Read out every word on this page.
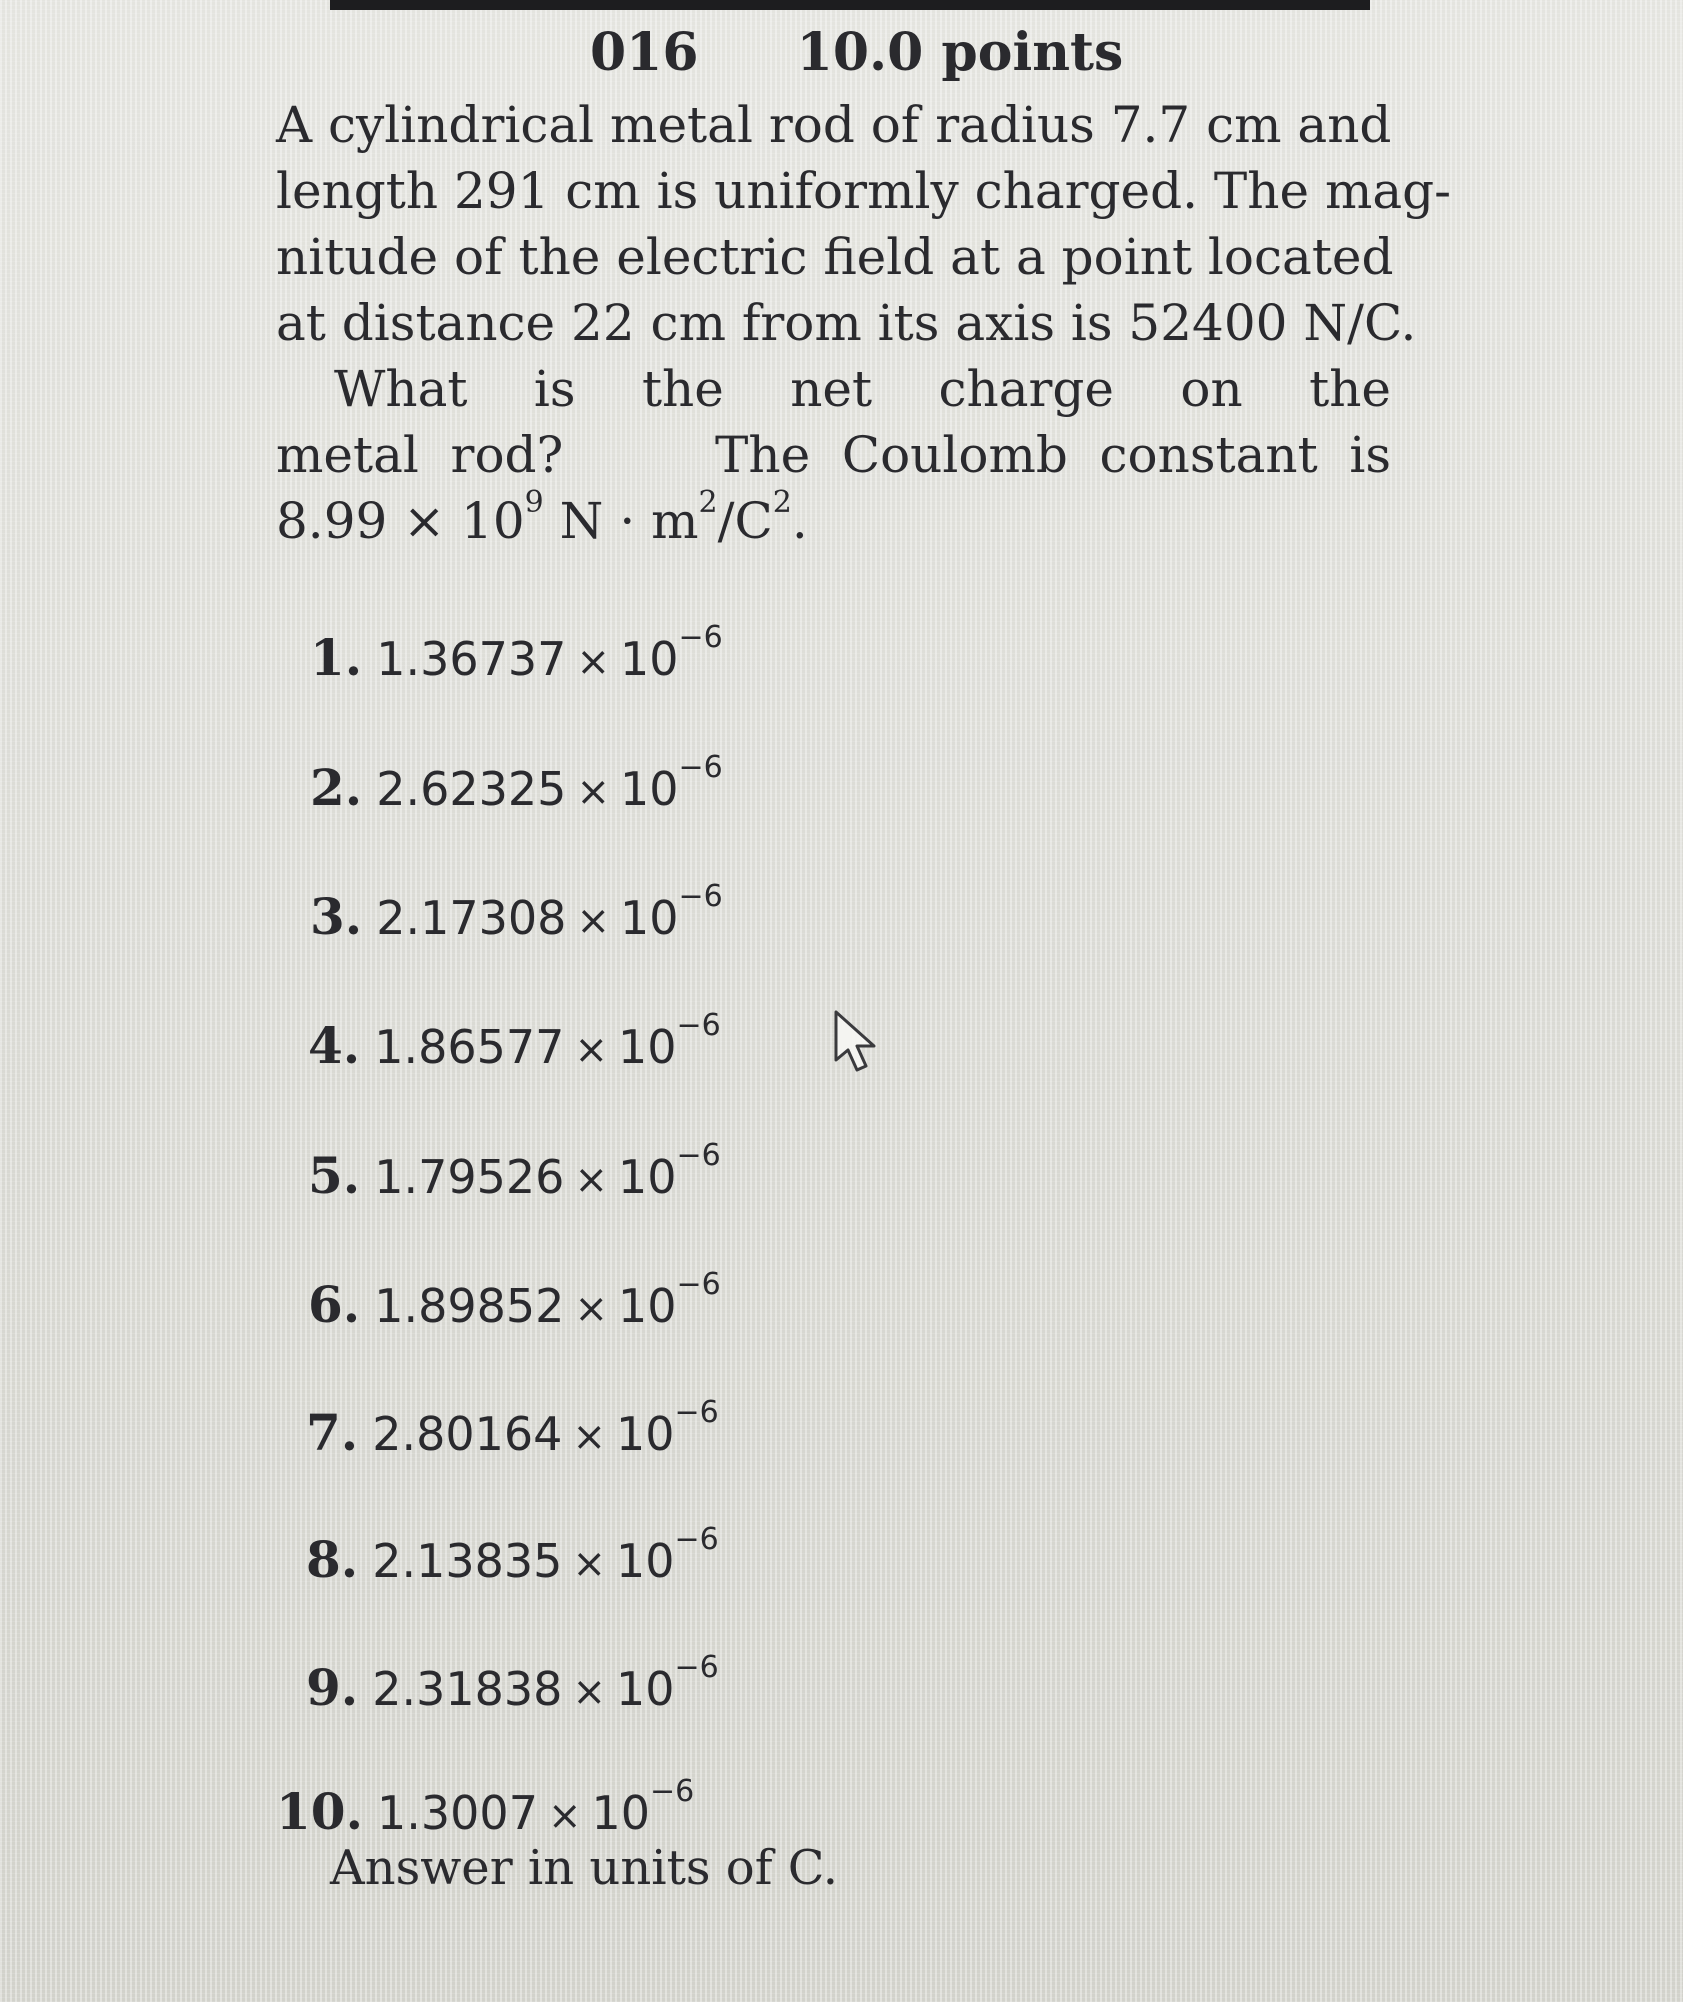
016 10.0 points
A cylindrical metal rod of radius 7.7 cm and
length 291 cm is uniformly charged. The mag-
nitude of the electric field at a point located
at distance 22 cm from its axis is 52400 N/C.
What is the net charge on the
metal rod?	The Coulomb constant is
$8.99 \times 10^9$ $N \cdot m^2/C^2$.
1. $1.36737 \times 10^{-6}$
2. $2.62325 \times 10^{-6}$
3. $2.17308 \times 10^{-6}$
4. $1.86577 \times 10^{-6}$
5. $1.79526 \times 10^{-6}$
6. $1.89852 \times 10^{-6}$
7. $2.80164 \times 10^{-6}$
8. $2.13835 \times 10^{-6}$
9. $2.31838 \times 10^{-6}$
10. $1.3007 \times 10^{-6}$
Answer in units of C.
